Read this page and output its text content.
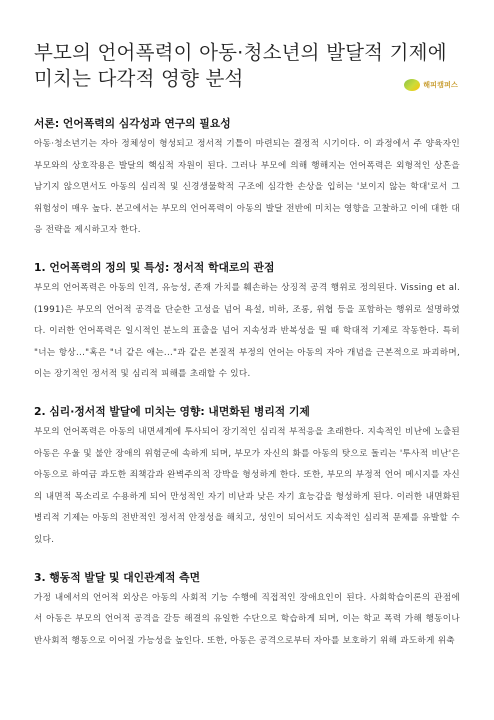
부모의 언어폭력이 아동·청소년의 발달적 기제에 미치는 다각적 영향 분석	해피캠퍼스
서론: 언어폭력의 심각성과 연구의 필요성

아동·청소년기는 자아 정체성이 형성되고 정서적 기틀이 마련되는 결정적 시기이다. 이 과정에서 주 양육자인 부모와의 상호작용은 발달의 핵심적 자원이 된다. 그러나 부모에 의해 행해지는 언어폭력은 외형적인 상흔을 남기지 않으면서도 아동의 심리적 및 신경생물학적 구조에 심각한 손상을 입히는 '보이지 않는 학대'로서 그 위험성이 매우 높다. 본고에서는 부모의 언어폭력이 아동의 발달 전반에 미치는 영향을 고찰하고 이에 대한 대응 전략을 제시하고자 한다.

1. 언어폭력의 정의 및 특성: 정서적 학대로의 관점

부모의 언어폭력은 아동의 인격, 유능성, 존재 가치를 훼손하는 상징적 공격 행위로 정의된다. Vissing et al. (1991)은 부모의 언어적 공격을 단순한 고성을 넘어 욕설, 비하, 조롱, 위협 등을 포함하는 행위로 설명하였다. 이러한 언어폭력은 일시적인 분노의 표출을 넘어 지속성과 반복성을 띨 때 학대적 기제로 작동한다. 특히 "너는 항상..."혹은 "너 같은 애는..."과 같은 본질적 부정의 언어는 아동의 자아 개념을 근본적으로 파괴하며, 이는 장기적인 정서적 및 심리적 피해를 초래할 수 있다.

2. 심리·정서적 발달에 미치는 영향: 내면화된 병리적 기제

부모의 언어폭력은 아동의 내면세계에 투사되어 장기적인 심리적 부적응을 초래한다. 지속적인 비난에 노출된 아동은 우울 및 불안 장애의 위험군에 속하게 되며, 부모가 자신의 화를 아동의 탓으로 돌리는 '투사적 비난'은 아동으로 하여금 과도한 죄책감과 완벽주의적 강박을 형성하게 한다. 또한, 부모의 부정적 언어 메시지를 자신의 내면적 목소리로 수용하게 되어 만성적인 자기 비난과 낮은 자기 효능감을 형성하게 된다. 이러한 내면화된 병리적 기제는 아동의 전반적인 정서적 안정성을 해치고, 성인이 되어서도 지속적인 심리적 문제를 유발할 수 있다.

3. 행동적 발달 및 대인관계적 측면

가정 내에서의 언어적 외상은 아동의 사회적 기능 수행에 직접적인 장애요인이 된다. 사회학습이론의 관점에서 아동은 부모의 언어적 공격을 갈등 해결의 유일한 수단으로 학습하게 되며, 이는 학교 폭력 가해 행동이나 반사회적 행동으로 이어질 가능성을 높인다. 또한, 아동은 공격으로부터 자아를 보호하기 위해 과도하게 위축
